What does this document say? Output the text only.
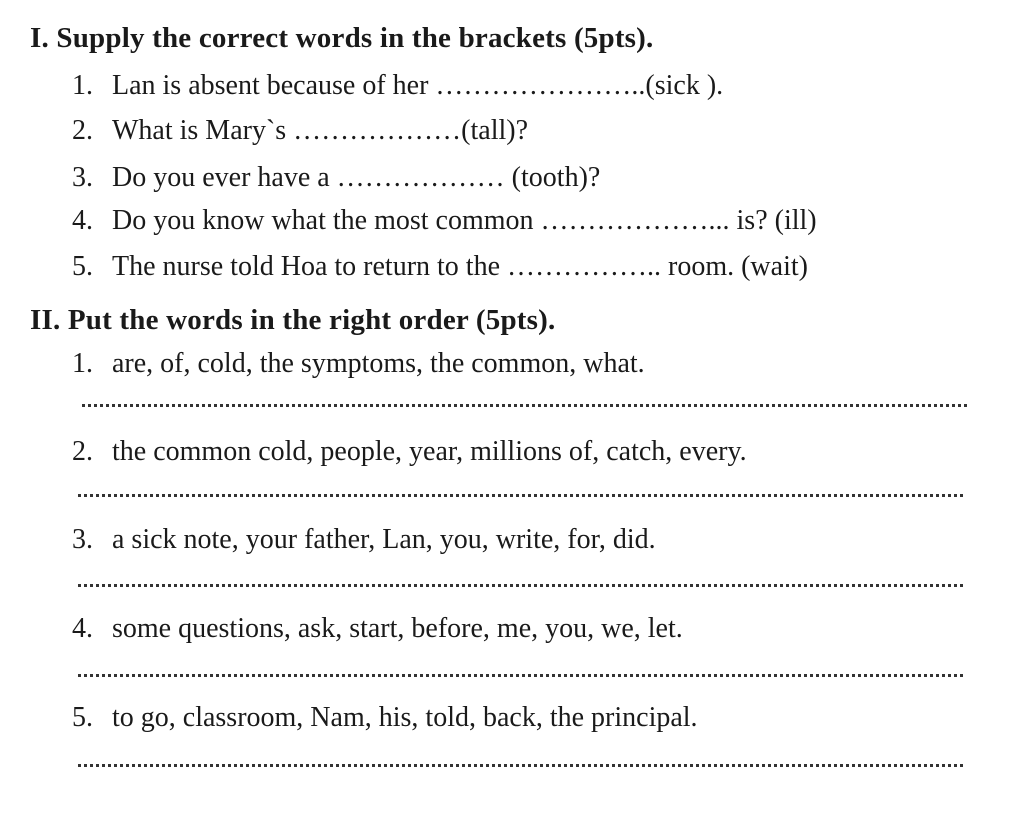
I. Supply the correct words in the brackets (5pts).
1. Lan is absent because of her …………………..(sick ).
2. What is Mary`s ………………(tall)?
3. Do you ever have a ……………… (tooth)?
4. Do you know what the most common ………………... is? (ill)
5. The nurse told Hoa to return to the …………….. room. (wait)
II. Put the words in the right order (5pts).
1. are, of, cold, the symptoms, the common, what.
2. the common cold, people, year, millions of, catch, every.
3. a sick note, your father, Lan, you, write, for, did.
4. some questions, ask, start, before, me, you, we, let.
5. to go, classroom, Nam, his, told, back, the principal.
